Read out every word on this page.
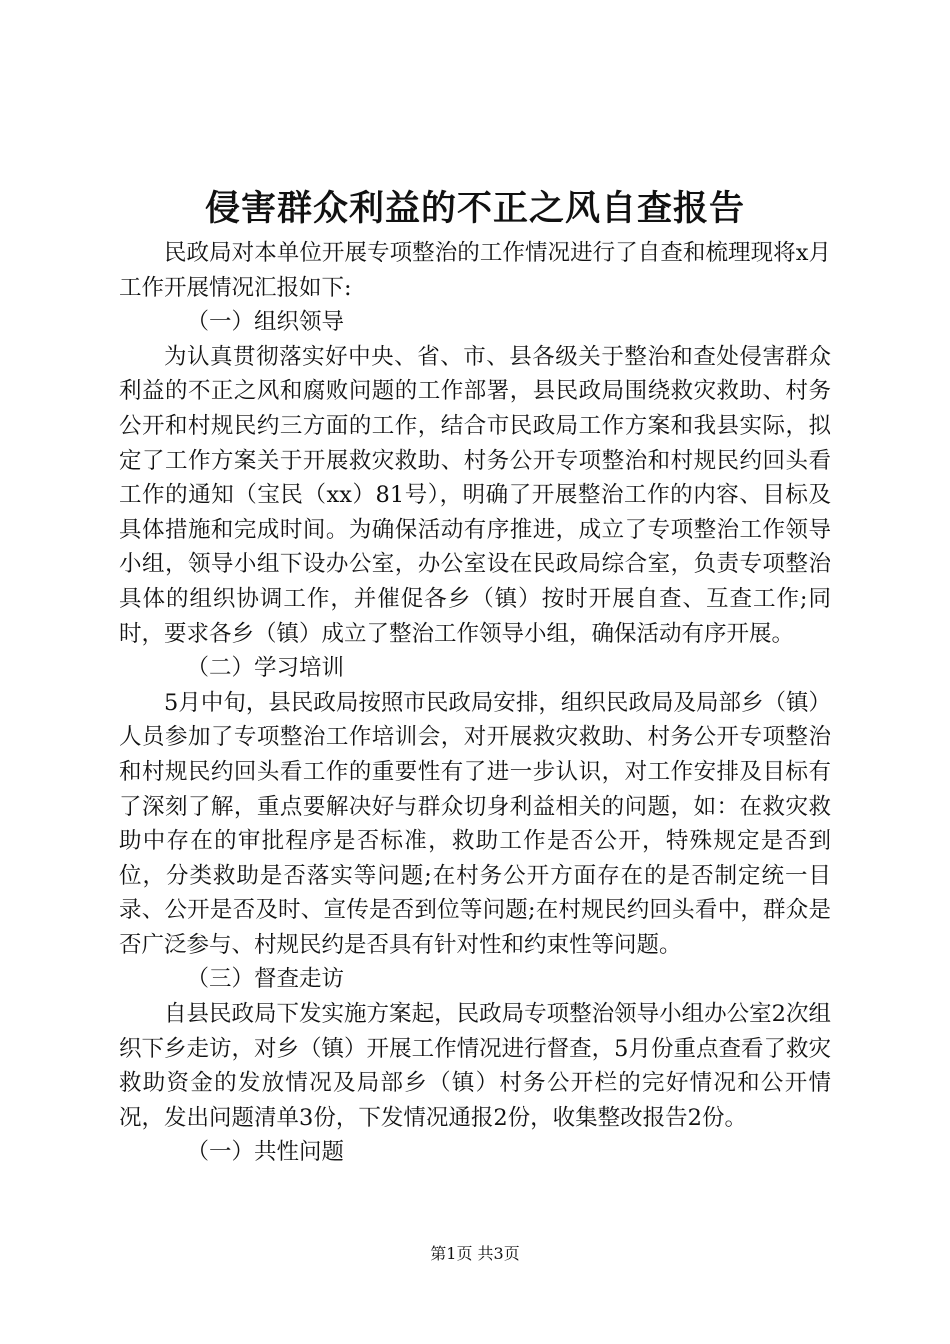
侵害群众利益的不正之风自查报告

民政局对本单位开展专项整治的工作情况进行了自查和梳理现将x月工作开展情况汇报如下:

（一）组织领导

为认真贯彻落实好中央、省、市、县各级关于整治和查处侵害群众利益的不正之风和腐败问题的工作部署，县民政局围绕救灾救助、村务公开和村规民约三方面的工作，结合市民政局工作方案和我县实际，拟定了工作方案关于开展救灾救助、村务公开专项整治和村规民约回头看工作的通知（宝民（xx）81号），明确了开展整治工作的内容、目标及具体措施和完成时间。为确保活动有序推进，成立了专项整治工作领导小组，领导小组下设办公室，办公室设在民政局综合室，负责专项整治具体的组织协调工作，并催促各乡（镇）按时开展自查、互查工作;同时，要求各乡（镇）成立了整治工作领导小组，确保活动有序开展。

（二）学习培训

5月中旬，县民政局按照市民政局安排，组织民政局及局部乡（镇）人员参加了专项整治工作培训会，对开展救灾救助、村务公开专项整治和村规民约回头看工作的重要性有了进一步认识，对工作安排及目标有了深刻了解，重点要解决好与群众切身利益相关的问题，如：在救灾救助中存在的审批程序是否标准，救助工作是否公开，特殊规定是否到位，分类救助是否落实等问题;在村务公开方面存在的是否制定统一目录、公开是否及时、宣传是否到位等问题;在村规民约回头看中，群众是否广泛参与、村规民约是否具有针对性和约束性等问题。

（三）督查走访

自县民政局下发实施方案起，民政局专项整治领导小组办公室2次组织下乡走访，对乡（镇）开展工作情况进行督查，5月份重点查看了救灾救助资金的发放情况及局部乡（镇）村务公开栏的完好情况和公开情况，发出问题清单3份，下发情况通报2份，收集整改报告2份。

（一）共性问题

第1页 共3页
